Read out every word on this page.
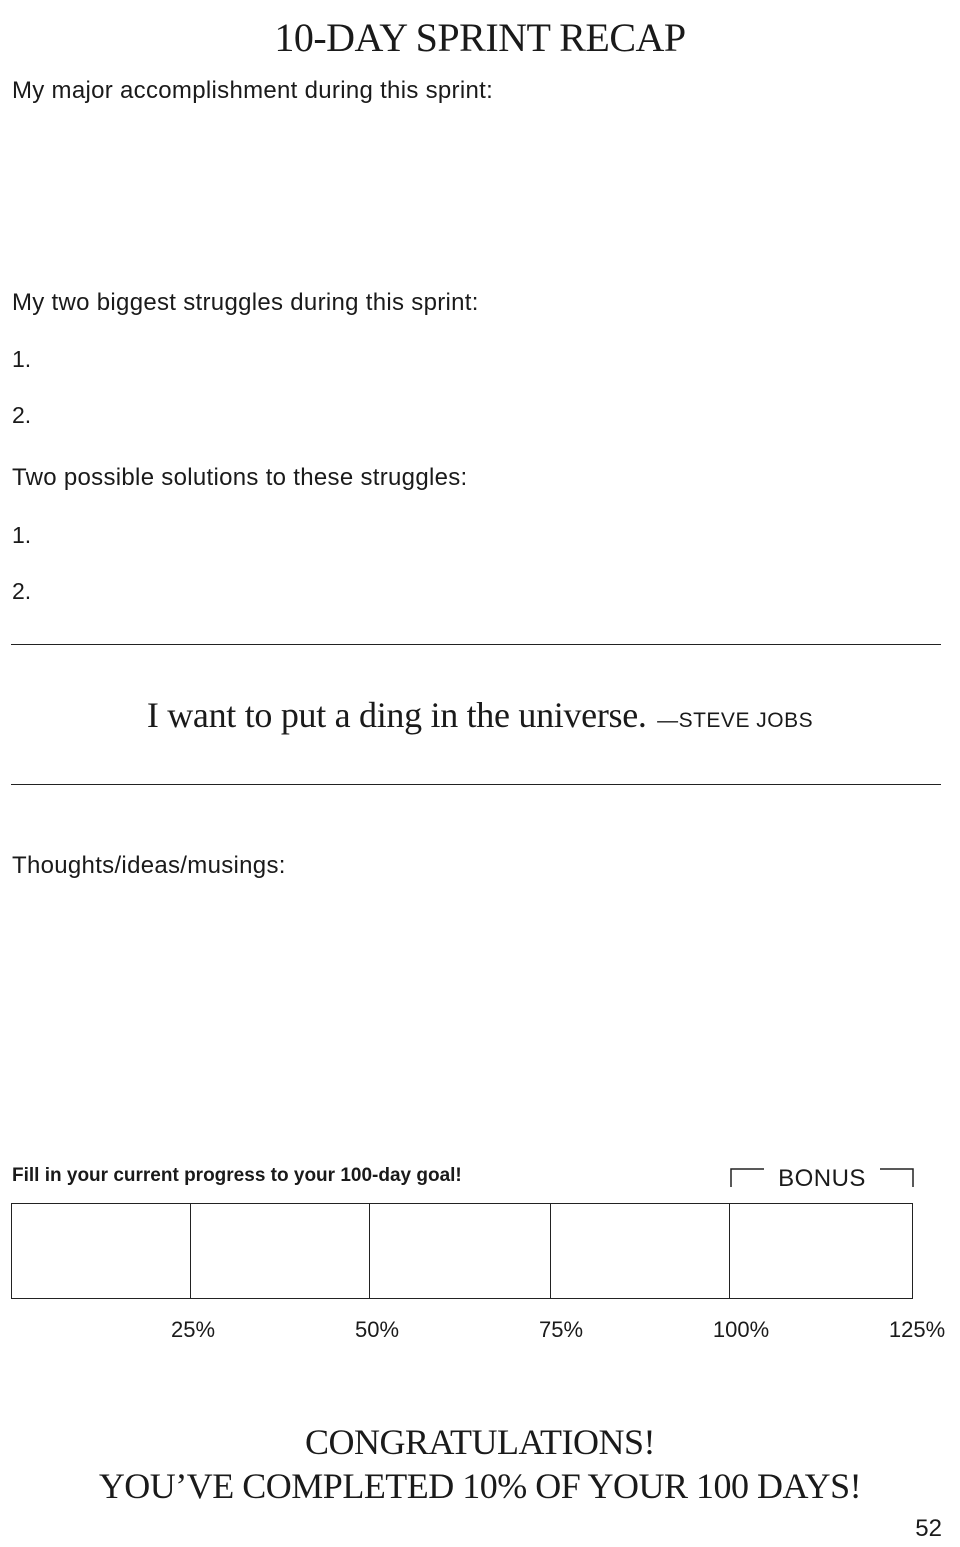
10-DAY SPRINT RECAP
My major accomplishment during this sprint:
My two biggest struggles during this sprint:
1.
2.
Two possible solutions to these struggles:
1.
2.
I want to put a ding in the universe. —STEVE JOBS
Thoughts/ideas/musings:
Fill in your current progress to your 100-day goal!	BONUS
25%	50%	75%	100%	125%
CONGRATULATIONS!
YOU’VE COMPLETED 10% OF YOUR 100 DAYS!
52
